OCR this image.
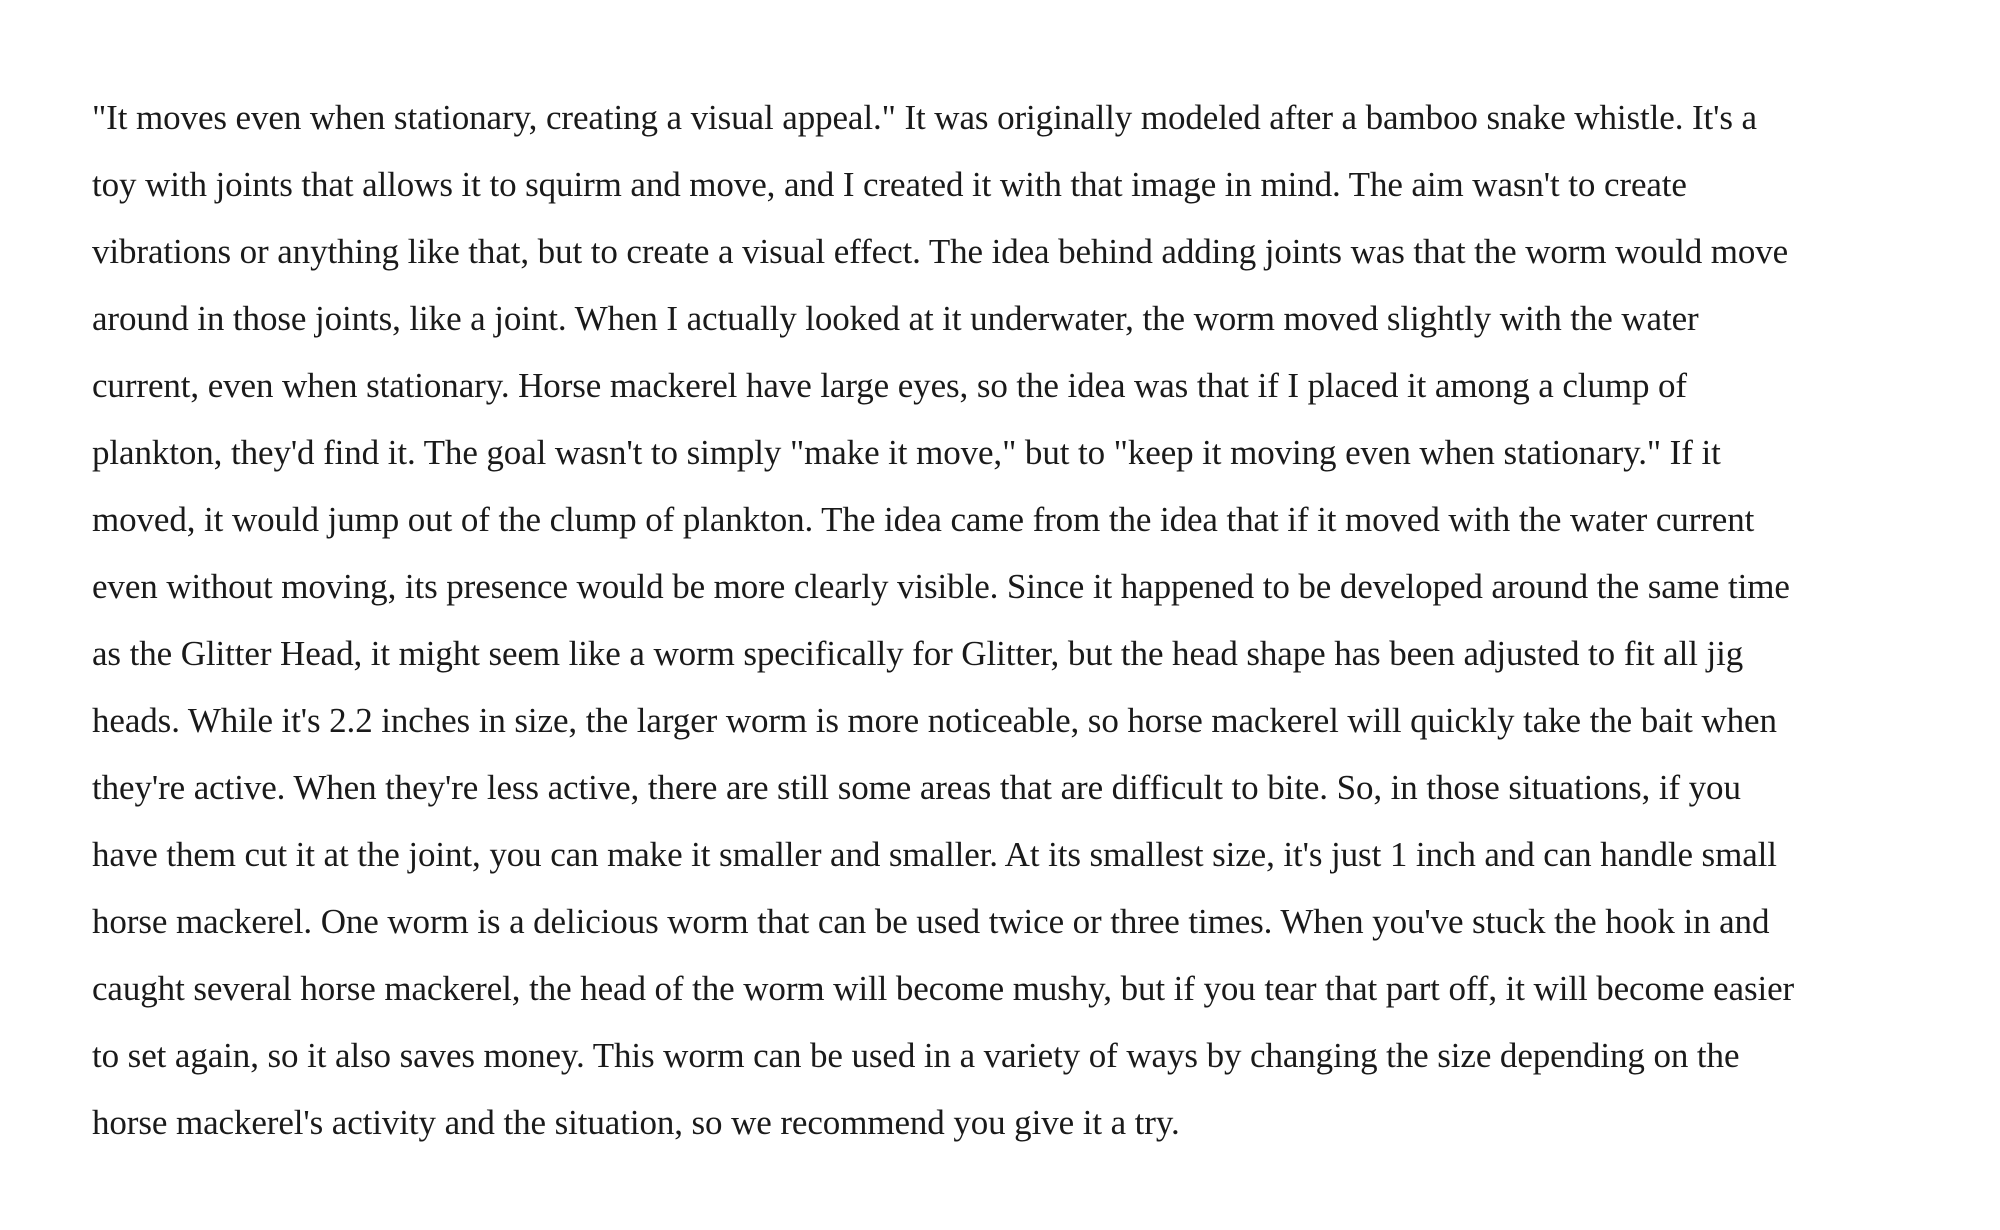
"It moves even when stationary, creating a visual appeal." It was originally modeled after a bamboo snake whistle. It's a
toy with joints that allows it to squirm and move, and I created it with that image in mind. The aim wasn't to create
vibrations or anything like that, but to create a visual effect. The idea behind adding joints was that the worm would move
around in those joints, like a joint. When I actually looked at it underwater, the worm moved slightly with the water
current, even when stationary. Horse mackerel have large eyes, so the idea was that if I placed it among a clump of
plankton, they'd find it. The goal wasn't to simply "make it move," but to "keep it moving even when stationary." If it
moved, it would jump out of the clump of plankton. The idea came from the idea that if it moved with the water current
even without moving, its presence would be more clearly visible. Since it happened to be developed around the same time
as the Glitter Head, it might seem like a worm specifically for Glitter, but the head shape has been adjusted to fit all jig
heads. While it's 2.2 inches in size, the larger worm is more noticeable, so horse mackerel will quickly take the bait when
they're active. When they're less active, there are still some areas that are difficult to bite. So, in those situations, if you
have them cut it at the joint, you can make it smaller and smaller. At its smallest size, it's just 1 inch and can handle small
horse mackerel. One worm is a delicious worm that can be used twice or three times. When you've stuck the hook in and
caught several horse mackerel, the head of the worm will become mushy, but if you tear that part off, it will become easier
to set again, so it also saves money. This worm can be used in a variety of ways by changing the size depending on the
horse mackerel's activity and the situation, so we recommend you give it a try.
